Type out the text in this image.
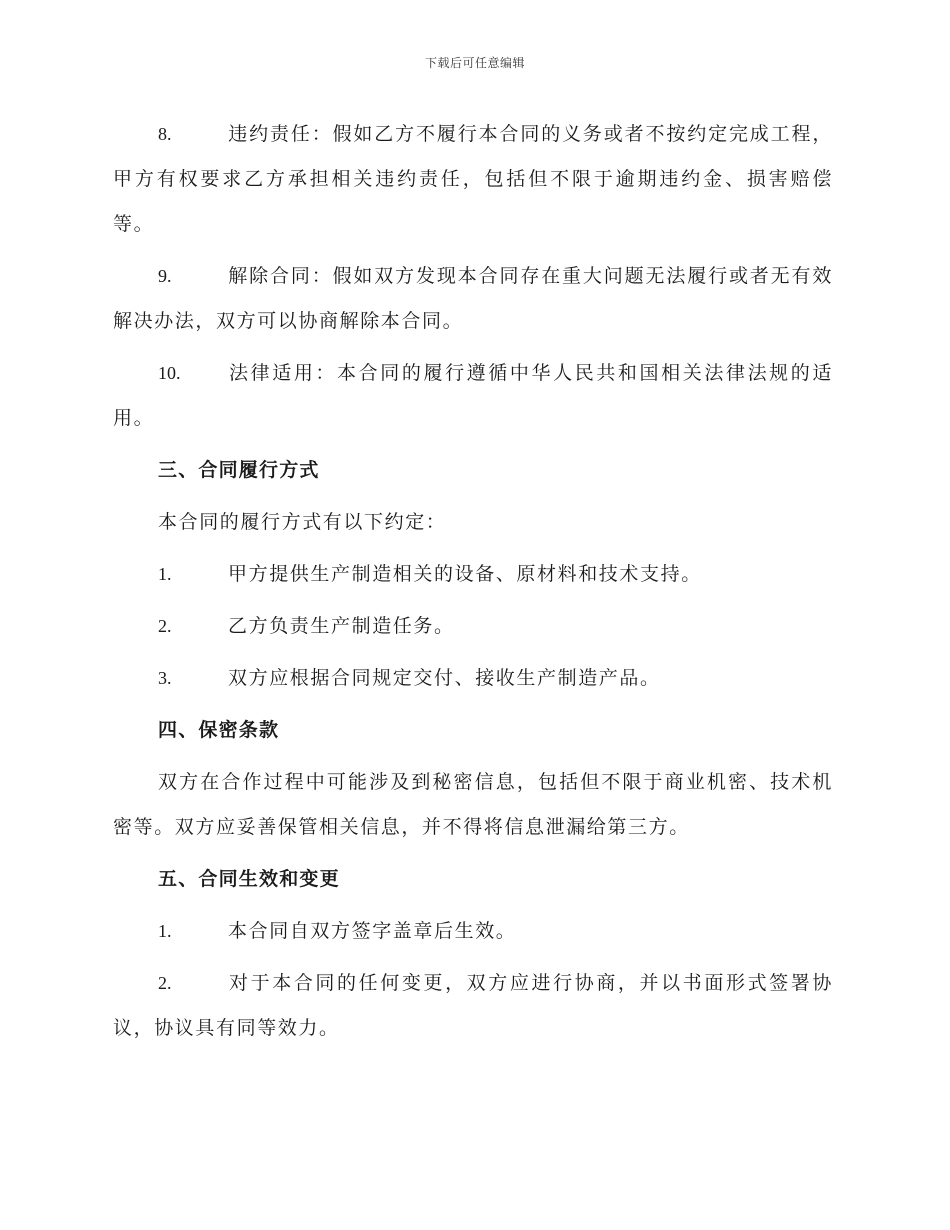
下载后可任意编辑
8.	违约责任：假如乙方不履行本合同的义务或者不按约定完成工程，甲方有权要求乙方承担相关违约责任，包括但不限于逾期违约金、损害赔偿等。
9.	解除合同：假如双方发现本合同存在重大问题无法履行或者无有效解决办法，双方可以协商解除本合同。
10.	法律适用：本合同的履行遵循中华人民共和国相关法律法规的适用。
三、合同履行方式
本合同的履行方式有以下约定：
1.	甲方提供生产制造相关的设备、原材料和技术支持。
2.	乙方负责生产制造任务。
3.	双方应根据合同规定交付、接收生产制造产品。
四、保密条款
双方在合作过程中可能涉及到秘密信息，包括但不限于商业机密、技术机密等。双方应妥善保管相关信息，并不得将信息泄漏给第三方。
五、合同生效和变更
1.	本合同自双方签字盖章后生效。
2.	对于本合同的任何变更，双方应进行协商，并以书面形式签署协议，协议具有同等效力。
